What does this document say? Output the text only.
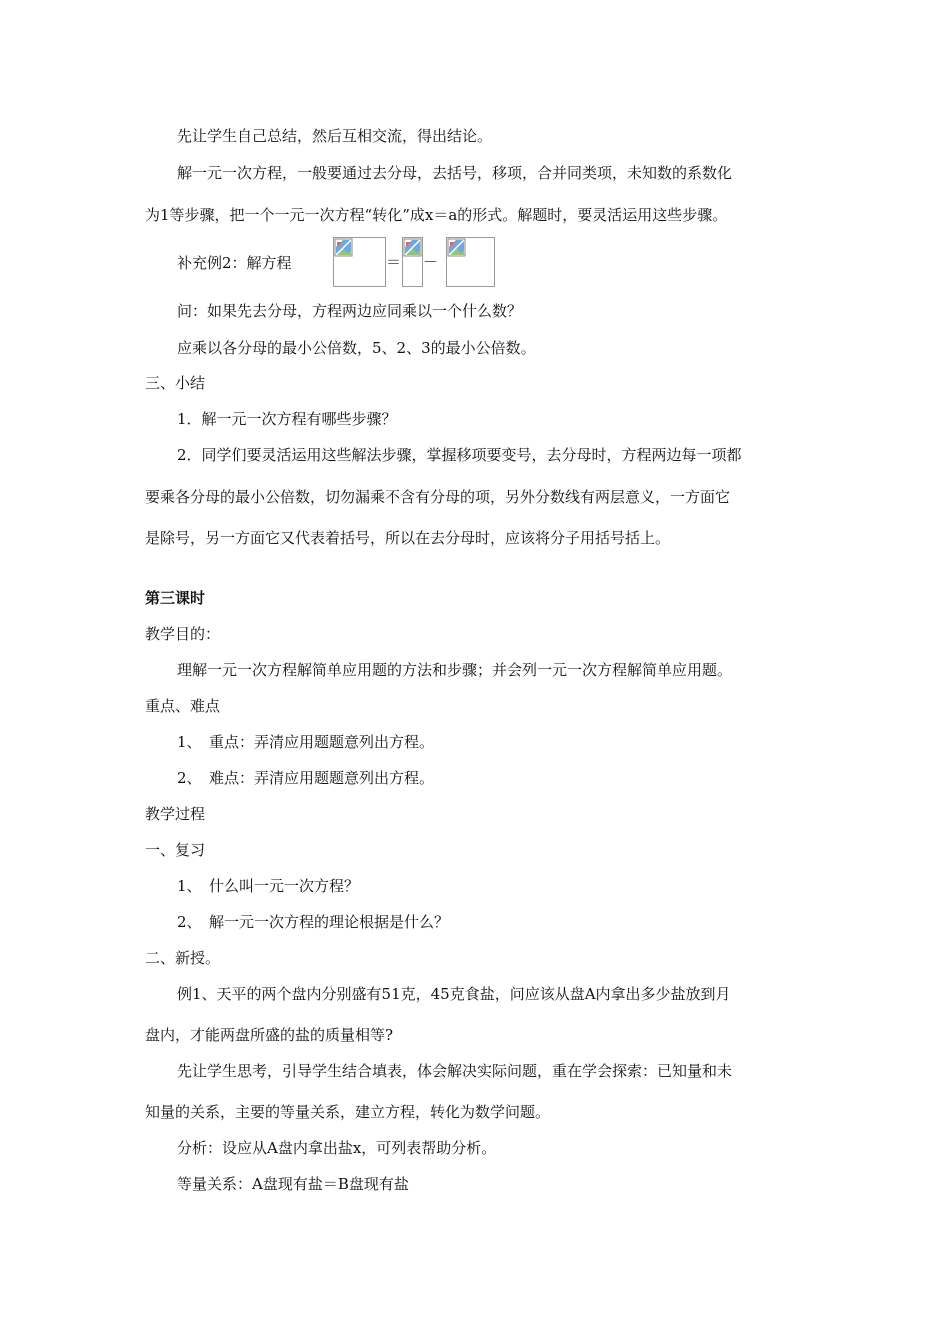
先让学生自己总结，然后互相交流，得出结论。
解一元一次方程，一般要通过去分母，去括号，移项，合并同类项，未知数的系数化
为1等步骤，把一个一元一次方程“转化”成x＝a的形式。解题时，要灵活运用这些步骤。
补充例2：解方程	＝ －
问：如果先去分母，方程两边应同乘以一个什么数？
应乘以各分母的最小公倍数，5、2、3的最小公倍数。
三、小结
1．解一元一次方程有哪些步骤？
2．同学们要灵活运用这些解法步骤，掌握移项要变号，去分母时，方程两边每一项都
要乘各分母的最小公倍数，切勿漏乘不含有分母的项，另外分数线有两层意义，一方面它
是除号，另一方面它又代表着括号，所以在去分母时，应该将分子用括号括上。
第三课时
教学目的：
理解一元一次方程解简单应用题的方法和步骤；并会列一元一次方程解简单应用题。
重点、难点
1、　重点：弄清应用题题意列出方程。
2、　难点：弄清应用题题意列出方程。
教学过程
一、复习
1、　什么叫一元一次方程？
2、　解一元一次方程的理论根据是什么？
二、新授。
例1、天平的两个盘内分别盛有51克，45克食盐，问应该从盘A内拿出多少盐放到月
盘内，才能两盘所盛的盐的质量相等?
先让学生思考，引导学生结合填表，体会解决实际问题，重在学会探索：已知量和未
知量的关系，主要的等量关系，建立方程，转化为数学问题。
分析：设应从A盘内拿出盐x，可列表帮助分析。
等量关系：A盘现有盐＝B盘现有盐
